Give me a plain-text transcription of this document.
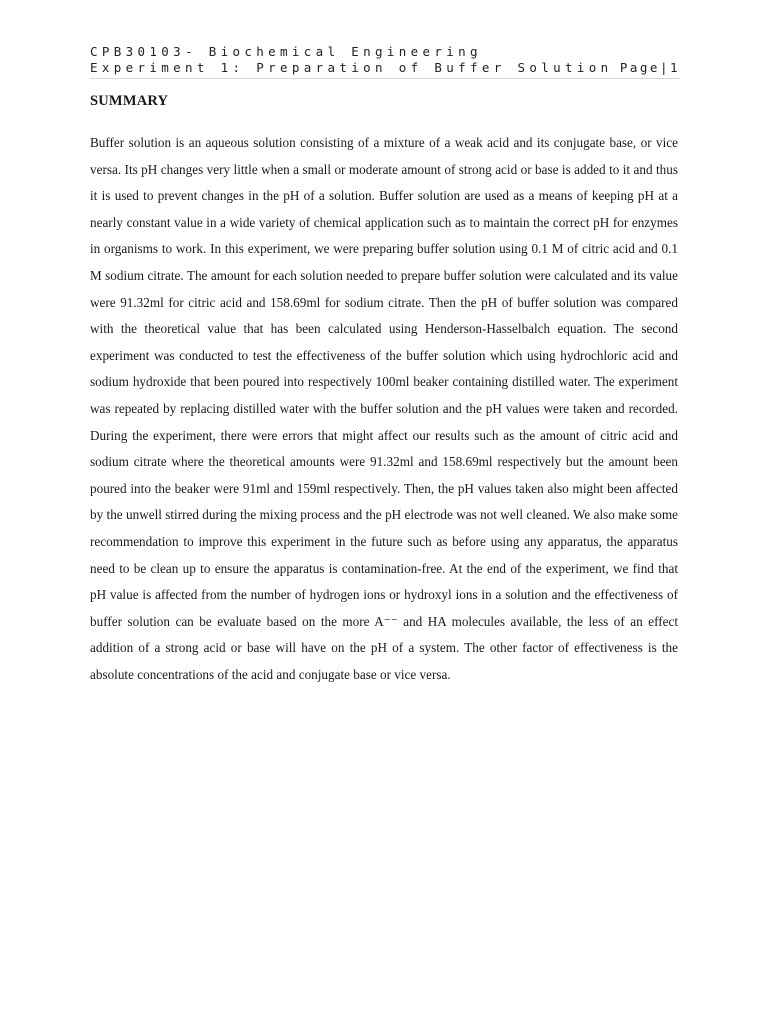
CPB30103- Biochemical Engineering
Experiment 1: Preparation of Buffer Solution Page|1
SUMMARY

Buffer solution is an aqueous solution consisting of a mixture of a weak acid and its conjugate base, or vice versa. Its pH changes very little when a small or moderate amount of strong acid or base is added to it and thus it is used to prevent changes in the pH of a solution. Buffer solution are used as a means of keeping pH at a nearly constant value in a wide variety of chemical application such as to maintain the correct pH for enzymes in organisms to work. In this experiment, we were preparing buffer solution using 0.1 M of citric acid and 0.1 M sodium citrate. The amount for each solution needed to prepare buffer solution were calculated and its value were 91.32ml for citric acid and 158.69ml for sodium citrate. Then the pH of buffer solution was compared with the theoretical value that has been calculated using Henderson-Hasselbalch equation. The second experiment was conducted to test the effectiveness of the buffer solution which using hydrochloric acid and sodium hydroxide that been poured into respectively 100ml beaker containing distilled water. The experiment was repeated by replacing distilled water with the buffer solution and the pH values were taken and recorded. During the experiment, there were errors that might affect our results such as the amount of citric acid and sodium citrate where the theoretical amounts were 91.32ml and 158.69ml respectively but the amount been poured into the beaker were 91ml and 159ml respectively. Then, the pH values taken also might been affected by the unwell stirred during the mixing process and the pH electrode was not well cleaned. We also make some recommendation to improve this experiment in the future such as before using any apparatus, the apparatus need to be clean up to ensure the apparatus is contamination-free. At the end of the experiment, we find that pH value is affected from the number of hydrogen ions or hydroxyl ions in a solution and the effectiveness of buffer solution can be evaluate based on the more A⁻⁻ and HA molecules available, the less of an effect addition of a strong acid or base will have on the pH of a system. The other factor of effectiveness is the absolute concentrations of the acid and conjugate base or vice versa.
